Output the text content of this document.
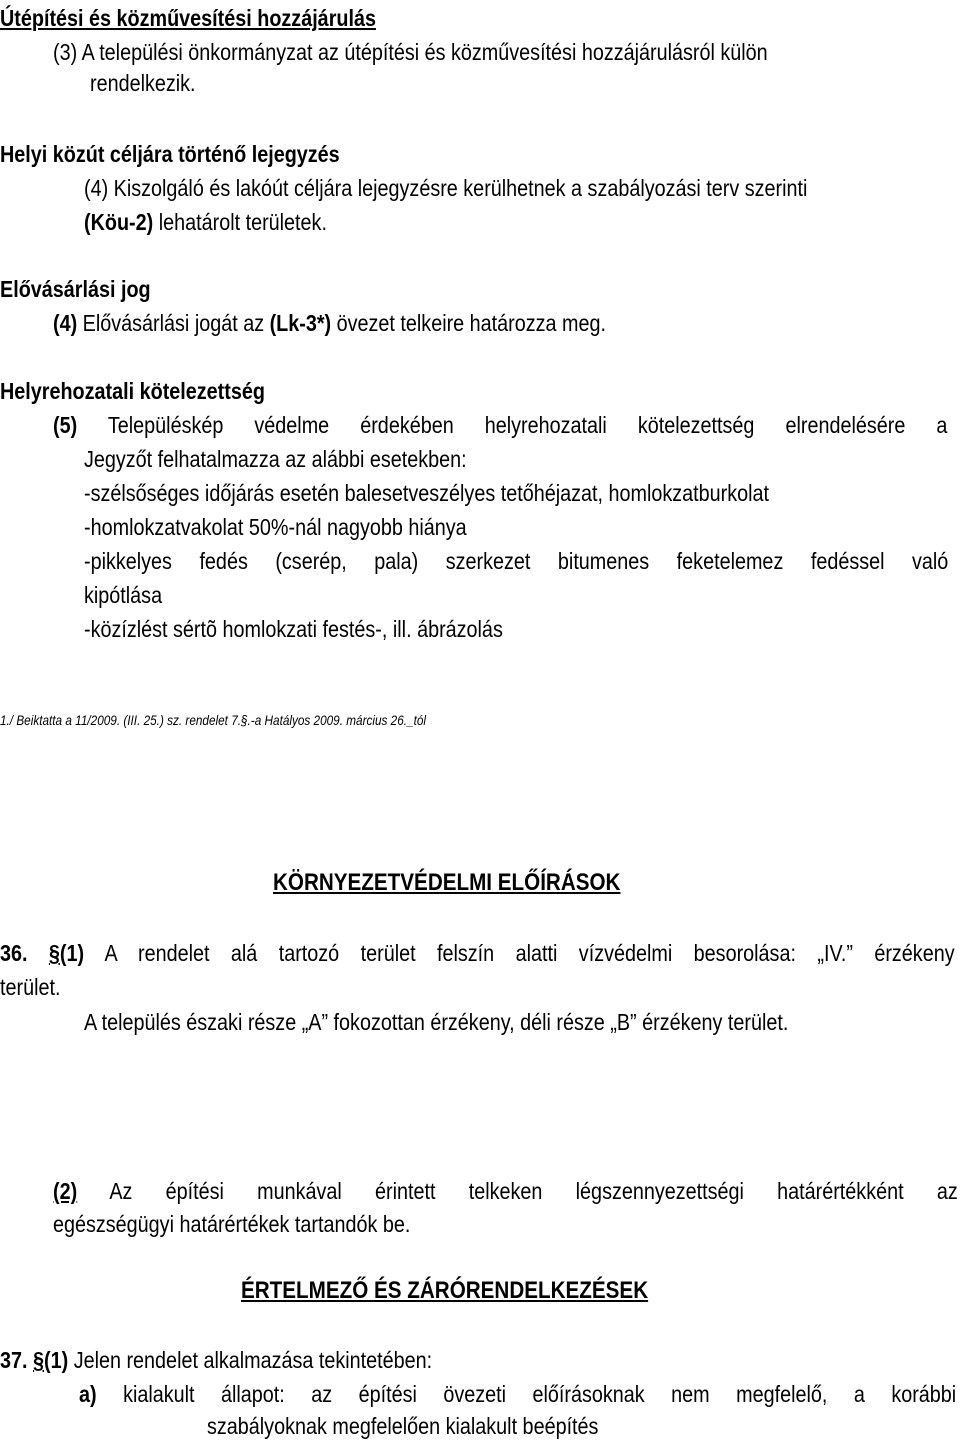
Útépítési és közművesítési hozzájárulás
(3) A települési önkormányzat az útépítési és közművesítési hozzájárulásról külön
rendelkezik.
Helyi közút céljára történő lejegyzés
(4) Kiszolgáló és lakóút céljára lejegyzésre kerülhetnek a szabályozási terv szerinti
(Köu-2) lehatárolt területek.
Elővásárlási jog
(4) Elővásárlási jogát az (Lk-3*) övezet telkeire határozza meg.
Helyrehozatali kötelezettség
(5) Településkép védelme érdekében helyrehozatali kötelezettség elrendelésére a
Jegyzőt felhatalmazza az alábbi esetekben:
-szélsőséges időjárás esetén balesetveszélyes tetőhéjazat, homlokzatburkolat
-homlokzatvakolat 50%-nál nagyobb hiánya
-pikkelyes fedés (cserép, pala) szerkezet bitumenes feketelemez fedéssel való
kipótlása
-közízlést sértõ homlokzati festés-, ill. ábrázolás
1./ Beiktatta a 11/2009. (III. 25.) sz. rendelet 7.§.-a Hatályos 2009. március 26._tól
KÖRNYEZETVÉDELMI ELŐÍRÁSOK
36. §(1) A rendelet alá tartozó terület felszín alatti vízvédelmi besorolása: „IV.” érzékeny
terület.
A település északi része „A” fokozottan érzékeny, déli része „B” érzékeny terület.
(2) Az építési munkával érintett telkeken légszennyezettségi határértékként az
egészségügyi határértékek tartandók be.
ÉRTELMEZŐ ÉS ZÁRÓRENDELKEZÉSEK
37. §(1) Jelen rendelet alkalmazása tekintetében:
a) kialakult állapot: az építési övezeti előírásoknak nem megfelelő, a korábbi
szabályoknak megfelelően kialakult beépítés
